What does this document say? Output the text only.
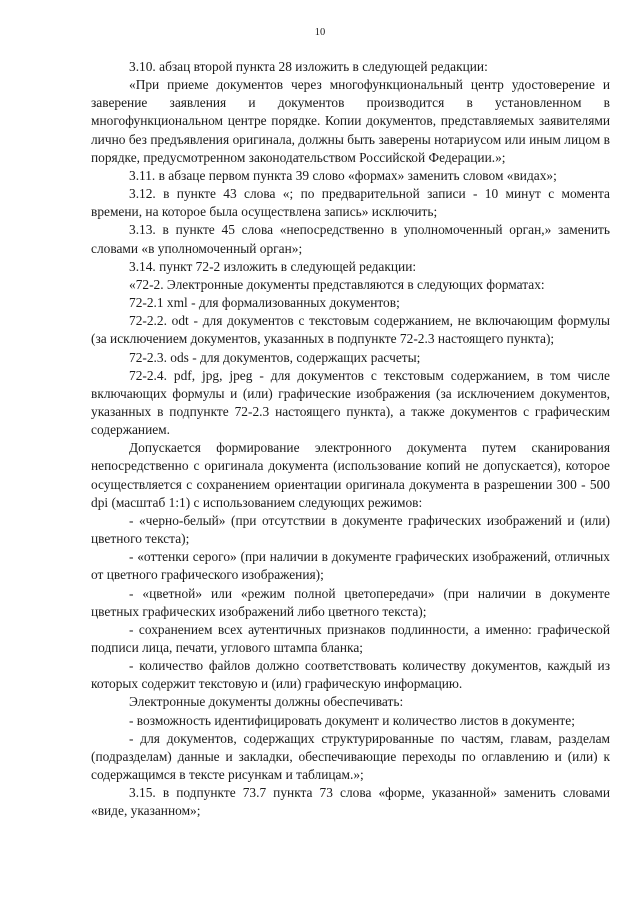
10

3.10. абзац второй пункта 28 изложить в следующей редакции:

«При приеме документов через многофункциональный центр удостоверение и заверение заявления и документов производится в установленном в многофункциональном центре порядке. Копии документов, представляемых заявителями лично без предъявления оригинала, должны быть заверены нотариусом или иным лицом в порядке, предусмотренном законодательством Российской Федерации.»;

3.11. в абзаце первом пункта 39 слово «формах» заменить словом «видах»;

3.12. в пункте 43 слова «; по предварительной записи - 10 минут с момента времени, на которое была осуществлена запись» исключить;

3.13. в пункте 45 слова «непосредственно в уполномоченный орган,» заменить словами «в уполномоченный орган»;

3.14. пункт 72-2 изложить в следующей редакции:

«72-2. Электронные документы представляются в следующих форматах:

72-2.1 xml - для формализованных документов;

72-2.2. odt - для документов с текстовым содержанием, не включающим формулы (за исключением документов, указанных в подпункте 72-2.3 настоящего пункта);

72-2.3. ods - для документов, содержащих расчеты;

72-2.4. pdf, jpg, jpeg - для документов с текстовым содержанием, в том числе включающих формулы и (или) графические изображения (за исключением документов, указанных в подпункте 72-2.3 настоящего пункта), а также документов с графическим содержанием.

Допускается формирование электронного документа путем сканирования непосредственно с оригинала документа (использование копий не допускается), которое осуществляется с сохранением ориентации оригинала документа в разрешении 300 - 500 dpi (масштаб 1:1) с использованием следующих режимов:

- «черно-белый» (при отсутствии в документе графических изображений и (или) цветного текста);

- «оттенки серого» (при наличии в документе графических изображений, отличных от цветного графического изображения);

- «цветной» или «режим полной цветопередачи» (при наличии в документе цветных графических изображений либо цветного текста);

- сохранением всех аутентичных признаков подлинности, а именно: графической подписи лица, печати, углового штампа бланка;

- количество файлов должно соответствовать количеству документов, каждый из которых содержит текстовую и (или) графическую информацию.

Электронные документы должны обеспечивать:

- возможность идентифицировать документ и количество листов в документе;

- для документов, содержащих структурированные по частям, главам, разделам (подразделам) данные и закладки, обеспечивающие переходы по оглавлению и (или) к содержащимся в тексте рисункам и таблицам.»;

3.15. в подпункте 73.7 пункта 73 слова «форме, указанной» заменить словами «виде, указанном»;
